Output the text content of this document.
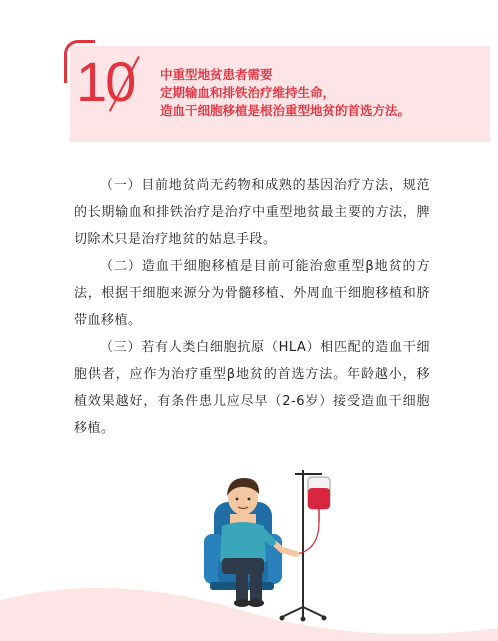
10 中重型地贫患者需要
定期输血和排铁治疗维持生命，
造血干细胞移植是根治重型地贫的首选方法。

（一）目前地贫尚无药物和成熟的基因治疗方法，规范的长期输血和排铁治疗是治疗中重型地贫最主要的方法，脾切除术只是治疗地贫的姑息手段。

（二）造血干细胞移植是目前可能治愈重型β地贫的方法，根据干细胞来源分为骨髓移植、外周血干细胞移植和脐带血移植。

（三）若有人类白细胞抗原（HLA）相匹配的造血干细胞供者，应作为治疗重型β地贫的首选方法。年龄越小，移植效果越好，有条件患儿应尽早（2-6岁）接受造血干细胞移植。
